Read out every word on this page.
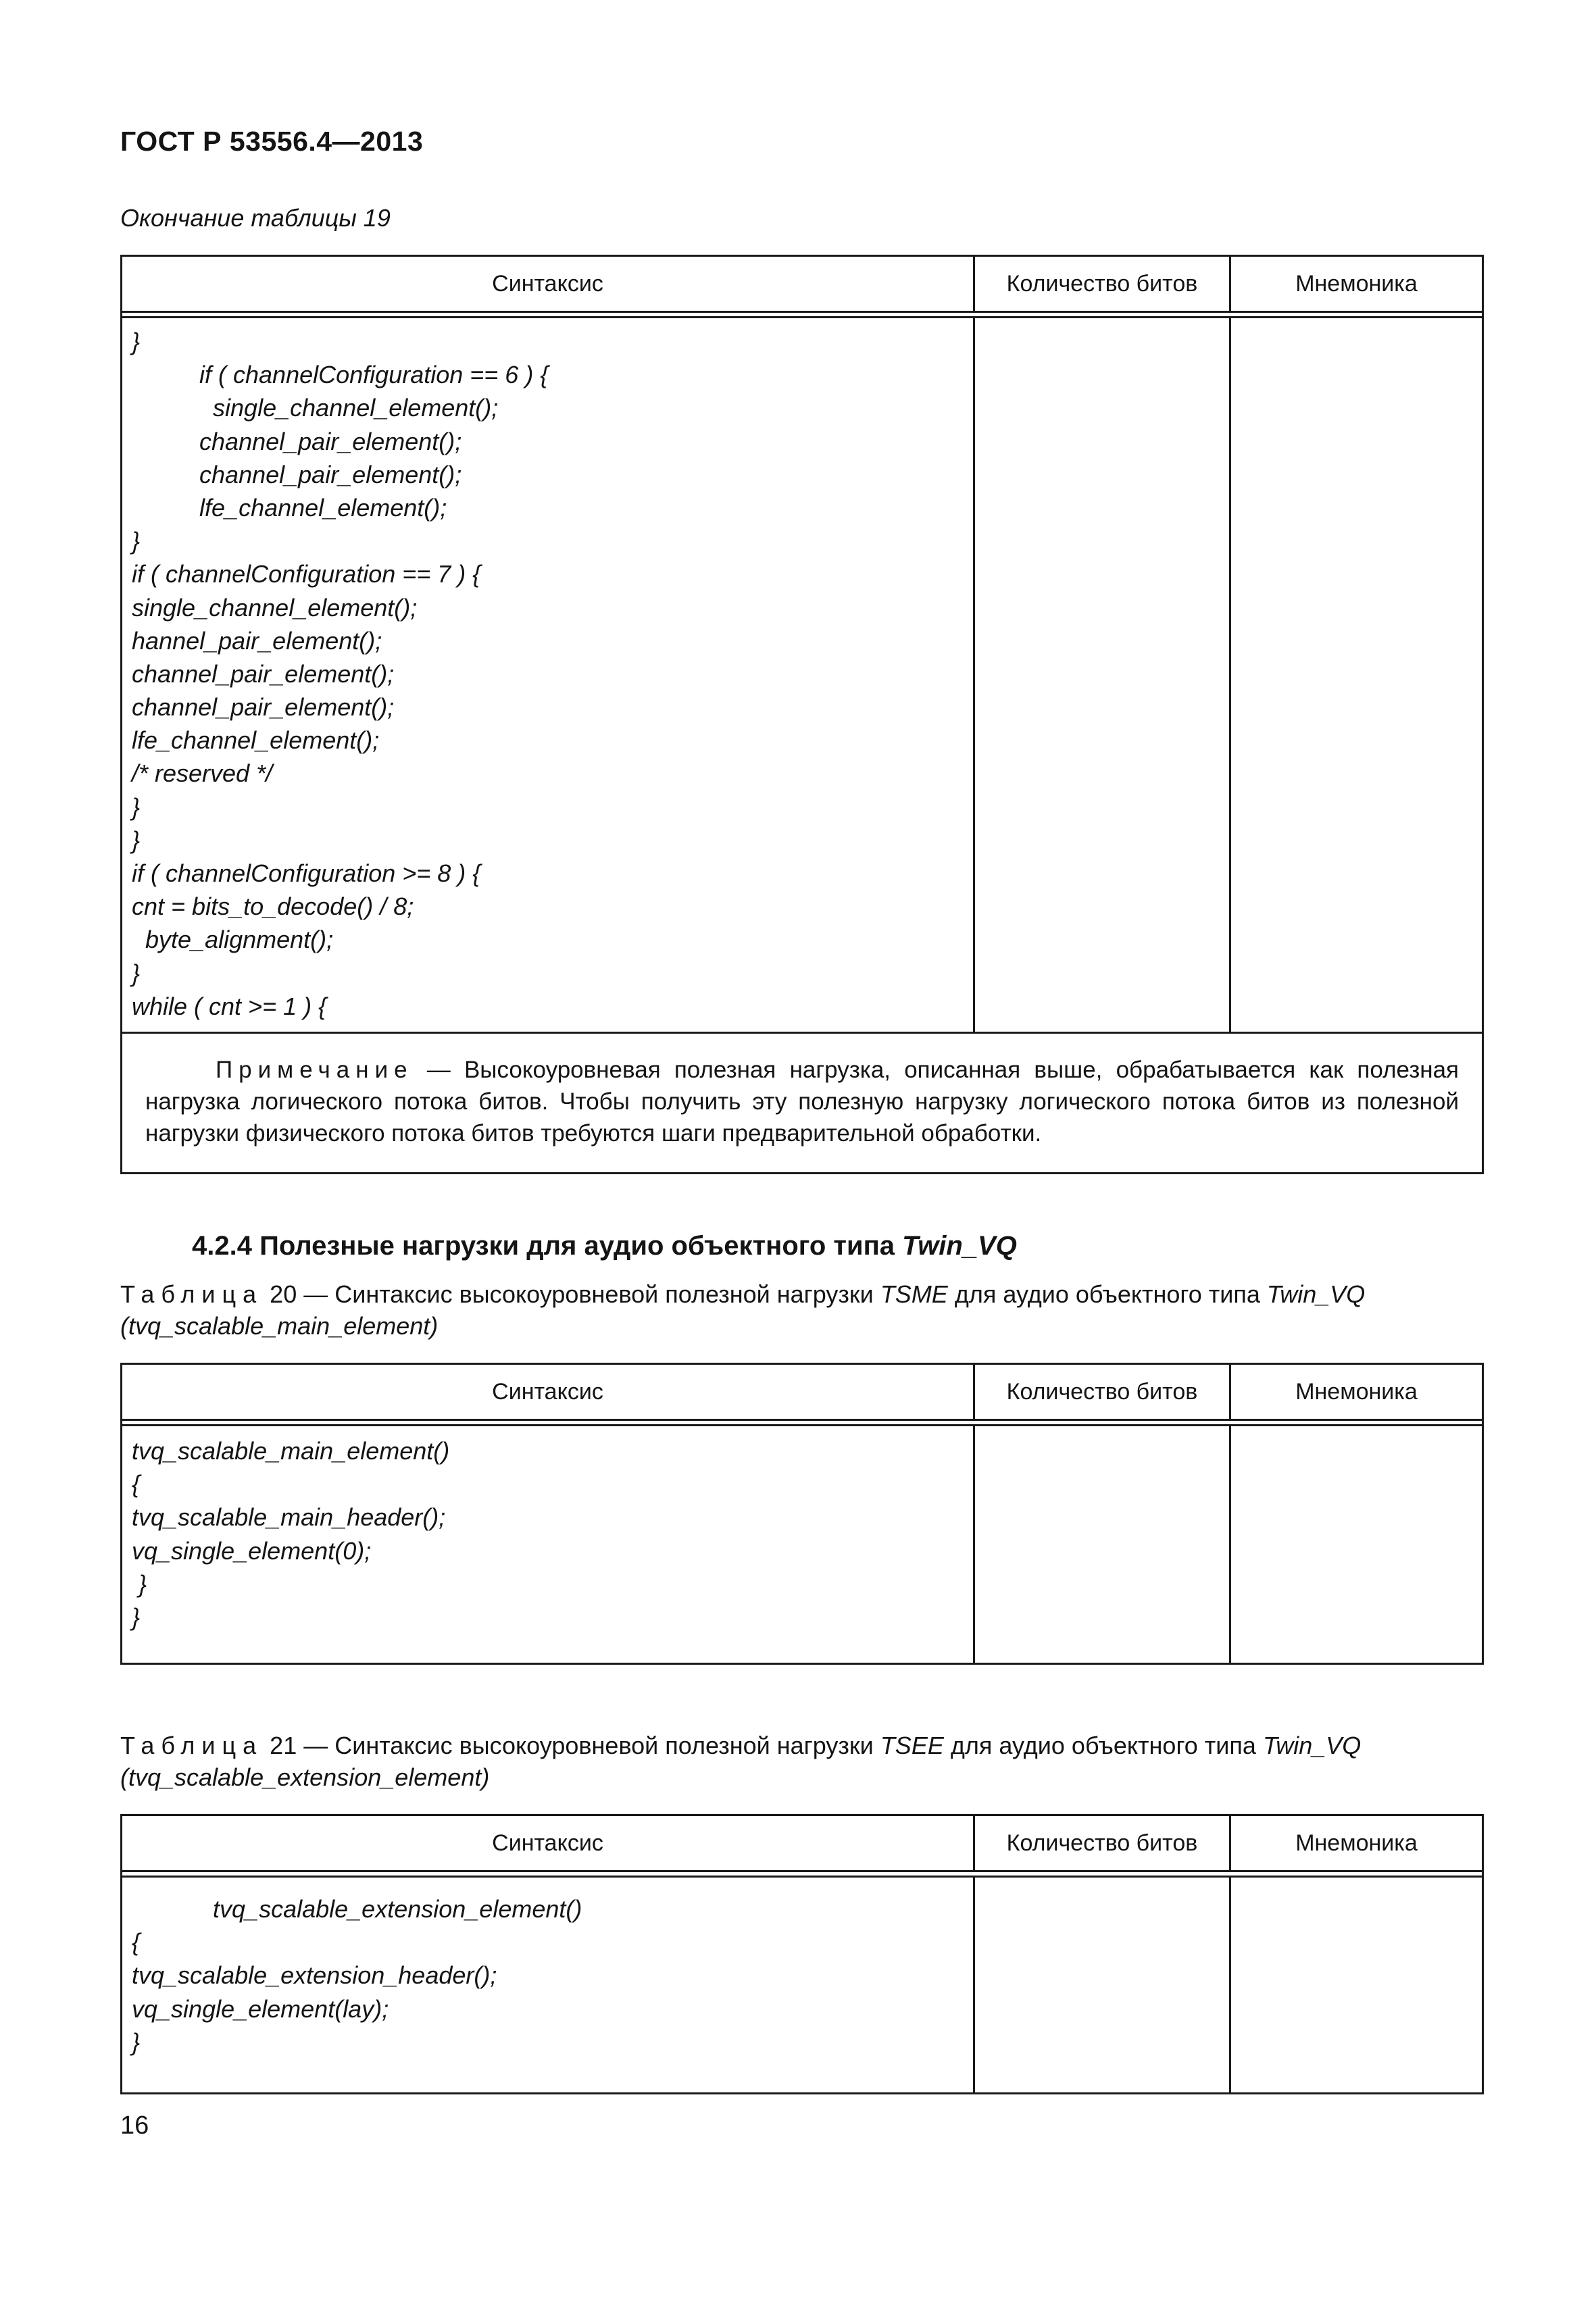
ГОСТ Р 53556.4—2013
Окончание таблицы 19
Синтаксис	Количество битов	Мнемоника
}
if ( channelConfiguration == 6 ) {
single_channel_element();
channel_pair_element();
channel_pair_element();
lfe_channel_element();
}
if ( channelConfiguration == 7 ) {
single_channel_element();
hannel_pair_element();
channel_pair_element();
channel_pair_element();
lfe_channel_element();
/* reserved */
}
}
if ( channelConfiguration >= 8 ) {
cnt = bits_to_decode() / 8;
byte_alignment();
}
while ( cnt >= 1 ) {
Примечание — Высокоуровневая полезная нагрузка, описанная выше, обрабатывается как полезная нагрузка логического потока битов. Чтобы получить эту полезную нагрузку логического потока битов из полезной нагрузки физического потока битов требуются шаги предварительной обработки.
4.2.4 Полезные нагрузки для аудио объектного типа Twin_VQ
Таблица 20 — Синтаксис высокоуровневой полезной нагрузки TSME для аудио объектного типа Twin_VQ
(tvq_scalable_main_element)
Синтаксис	Количество битов	Мнемоника
tvq_scalable_main_element()
{
tvq_scalable_main_header();
vq_single_element(0);
}
}
Таблица 21 — Синтаксис высокоуровневой полезной нагрузки TSEE для аудио объектного типа Twin_VQ
(tvq_scalable_extension_element)
Синтаксис	Количество битов	Мнемоника
tvq_scalable_extension_element()
{
tvq_scalable_extension_header();
vq_single_element(lay);
}
16
